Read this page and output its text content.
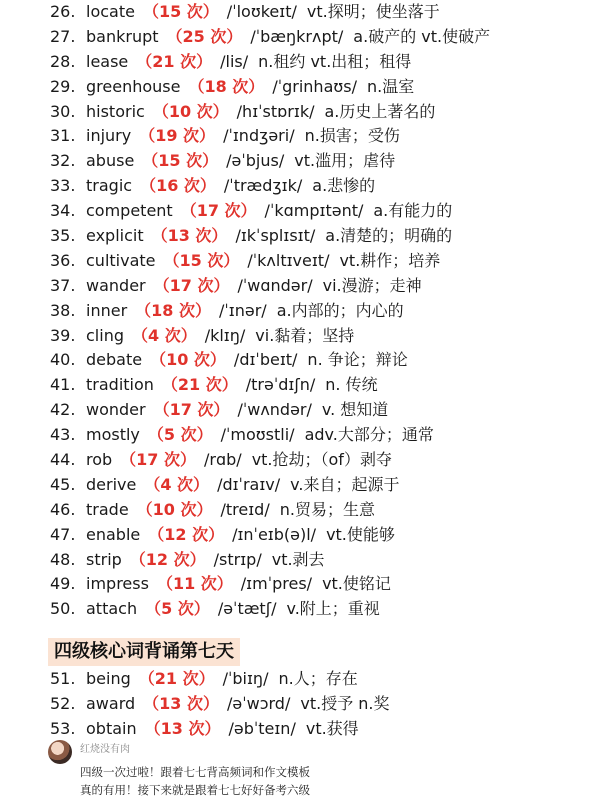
26. locate （15 次） /ˈloʊkeɪt/ vt.探明；使坐落于
27. bankrupt （25 次） /ˈbæŋkrʌpt/ a.破产的 vt.使破产
28. lease （21 次） /lis/ n.租约 vt.出租；租得
29. greenhouse （18 次） /ˈgrinhaʊs/ n.温室
30. historic （10 次） /hɪˈstɒrɪk/ a.历史上著名的
31. injury （19 次） /ˈɪndʒəri/ n.损害；受伤
32. abuse （15 次） /əˈbjus/ vt.滥用；虐待
33. tragic （16 次） /ˈtrædʒɪk/ a.悲惨的
34. competent （17 次） /ˈkɑmpɪtənt/ a.有能力的
35. explicit （13 次） /ɪkˈsplɪsɪt/ a.清楚的；明确的
36. cultivate （15 次） /ˈkʌltɪveɪt/ vt.耕作；培养
37. wander （17 次） /ˈwɑndər/ vi.漫游；走神
38. inner （18 次） /ˈɪnər/ a.内部的；内心的
39. cling （4 次） /klɪŋ/ vi.黏着；坚持
40. debate （10 次） /dɪˈbeɪt/ n. 争论；辩论
41. tradition （21 次） /trəˈdɪʃn/ n. 传统
42. wonder （17 次） /ˈwʌndər/ v. 想知道
43. mostly （5 次） /ˈmoʊstli/ adv.大部分；通常
44. rob （17 次） /rɑb/ vt.抢劫；（of）剥夺
45. derive （4 次） /dɪˈraɪv/ v.来自；起源于
46. trade （10 次） /treɪd/ n.贸易；生意
47. enable （12 次） /ɪnˈeɪb(ə)l/ vt.使能够
48. strip （12 次） /strɪp/ vt.剥去
49. impress （11 次） /ɪmˈpres/ vt.使铭记
50. attach （5 次） /əˈtætʃ/ v.附上；重视
四级核心词背诵第七天
51. being （21 次） /ˈbiɪŋ/ n.人；存在
52. award （13 次） /əˈwɔrd/ vt.授予 n.奖
53. obtain （13 次） /əbˈteɪn/ vt.获得
红烧没有肉
四级一次过啦！跟着七七背高频词和作文模板
真的有用！接下来就是跟着七七好好备考六级
